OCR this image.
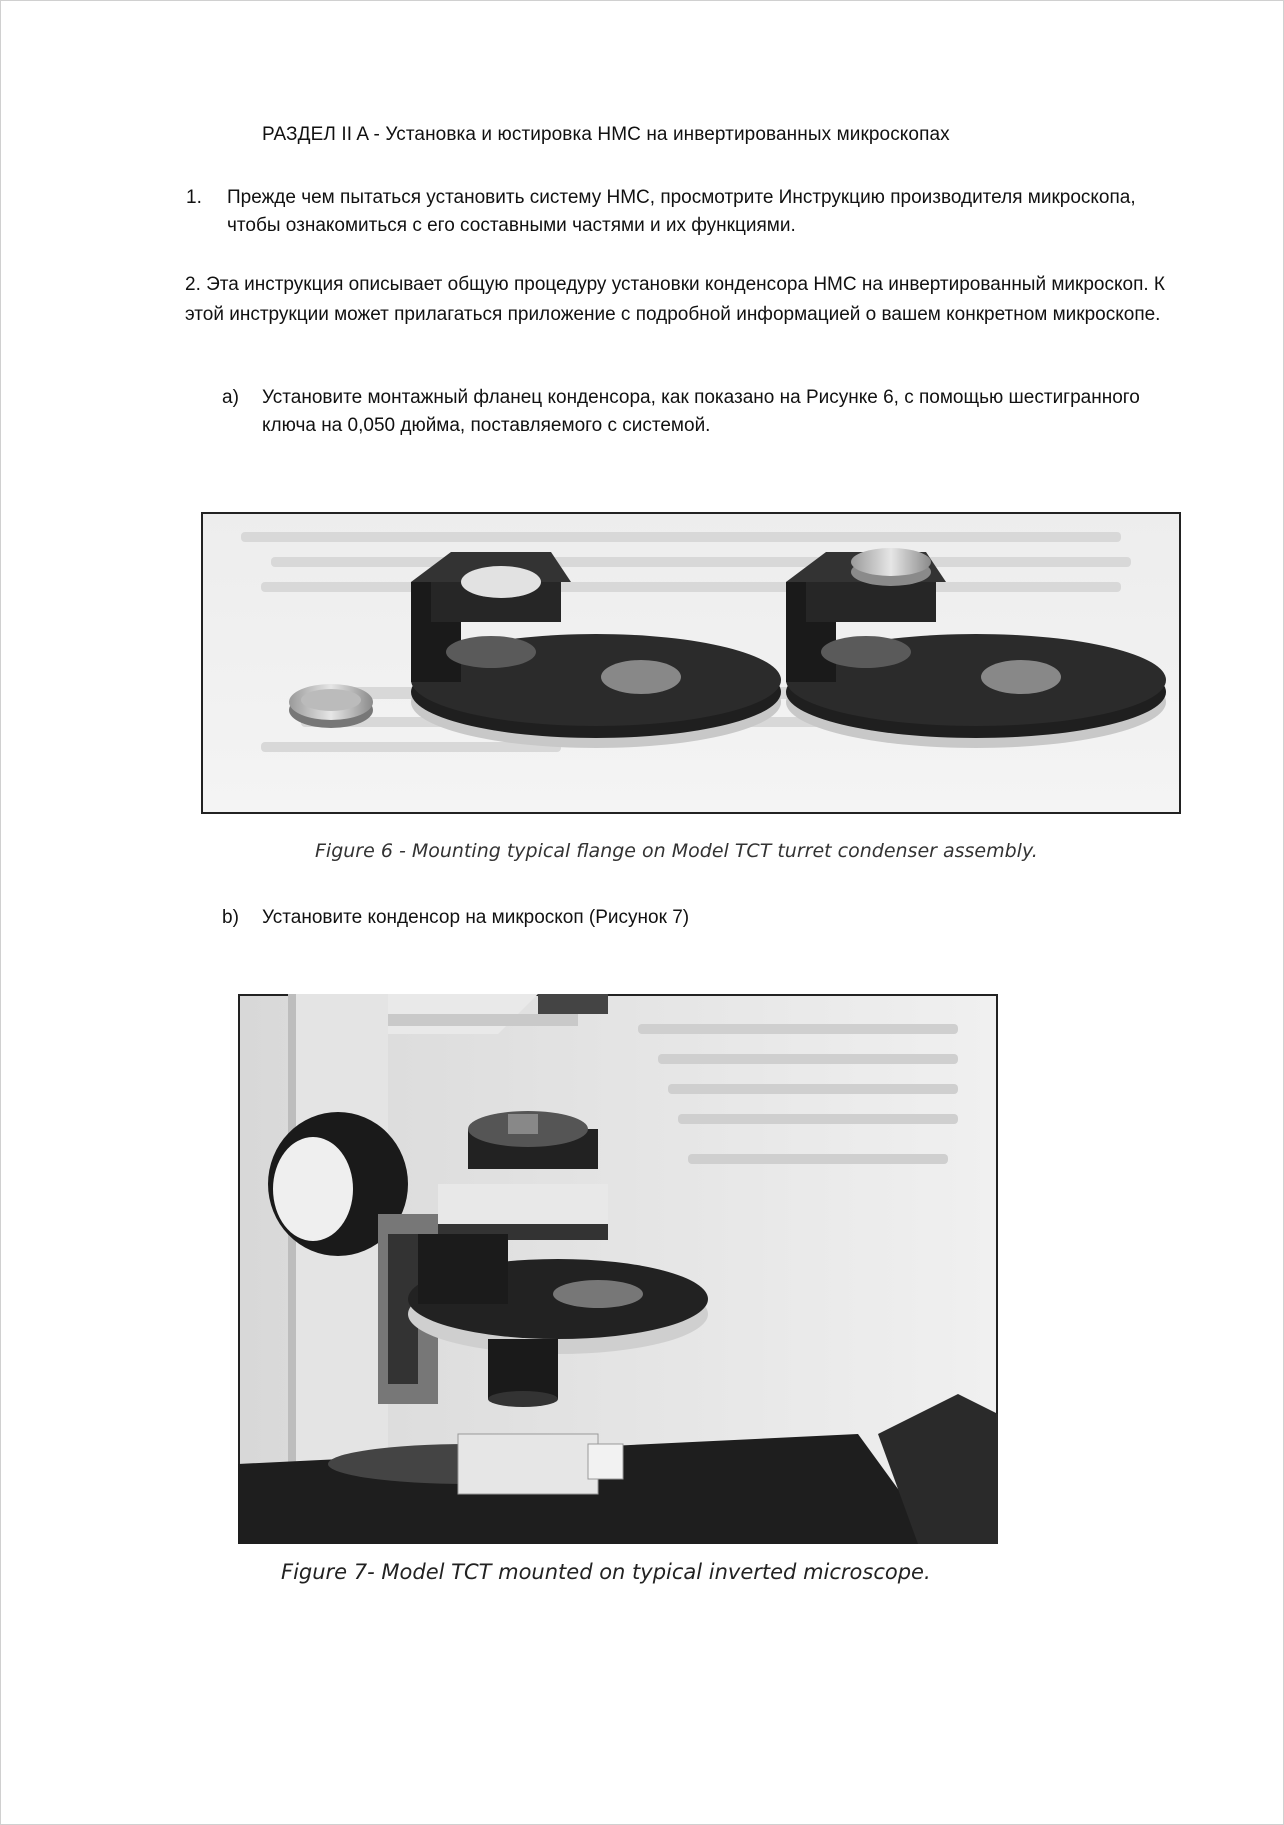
РАЗДЕЛ II A - Установка и юстировка НМС на инвертированных микроскопах
1. Прежде чем пытаться установить систему НМС, просмотрите Инструкцию производителя микроскопа, чтобы ознакомиться с его составными частями и их функциями.
2. Эта инструкция описывает общую процедуру установки конденсора НМС на инвертированный микроскоп. К этой инструкции может прилагаться приложение с подробной информацией о вашем конкретном микроскопе.
a) Установите монтажный фланец конденсора, как показано на Рисунке 6, с помощью шестигранного ключа на 0,050 дюйма, поставляемого с системой.
Figure 6 - Mounting typical flange on Model TCT turret condenser assembly.
b) Установите конденсор на микроскоп (Рисунок 7)
Figure 7- Model TCT mounted on typical inverted microscope.
